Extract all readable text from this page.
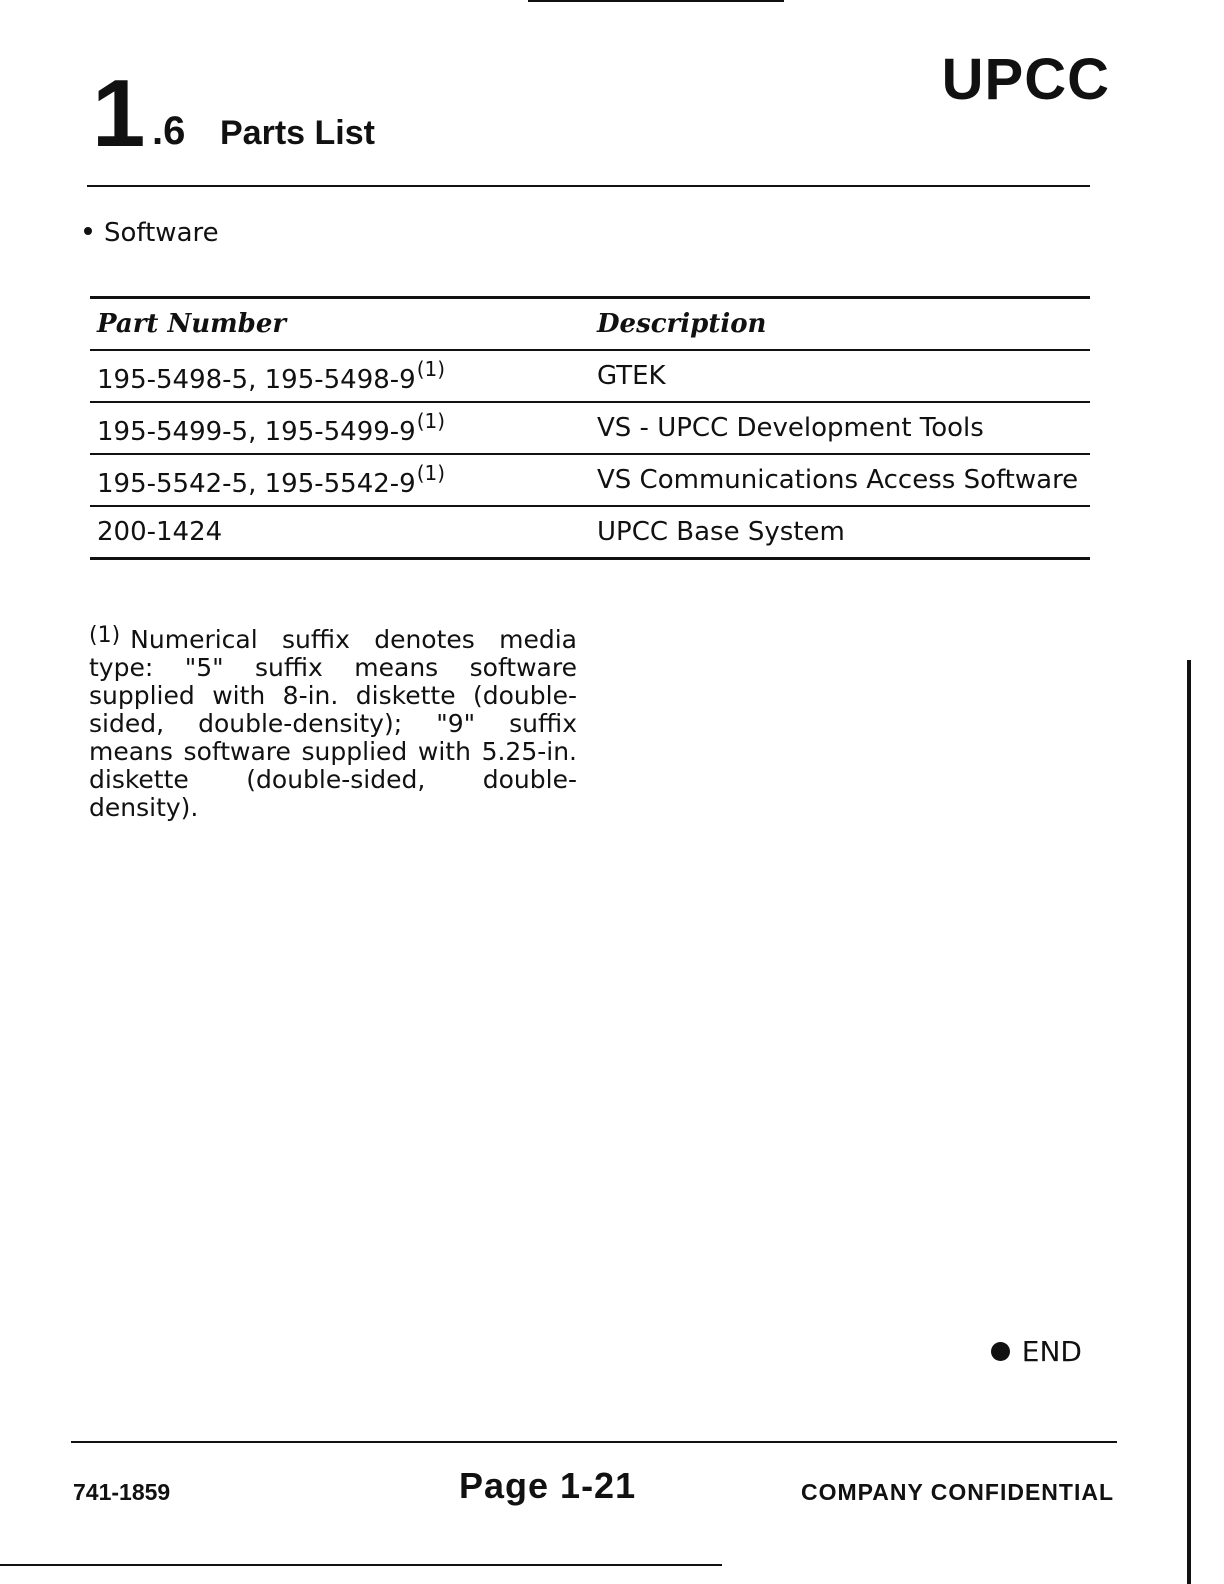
1 .6 Parts List
UPCC
Software
Part Number	Description
195-5498-5, 195-5498-9$^{(1)}$	GTEK
195-5499-5, 195-5499-9$^{(1)}$	VS - UPCC Development Tools
195-5542-5, 195-5542-9$^{(1)}$	VS Communications Access Software
200-1424	UPCC Base System
(1) Numerical suffix denotes media type: "5" suffix means software supplied with 8-in. diskette (double-sided, double-density); "9" suffix means software supplied with 5.25-in. diskette (double-sided, double-density).
END
741-1859	Page 1-21	COMPANY CONFIDENTIAL
